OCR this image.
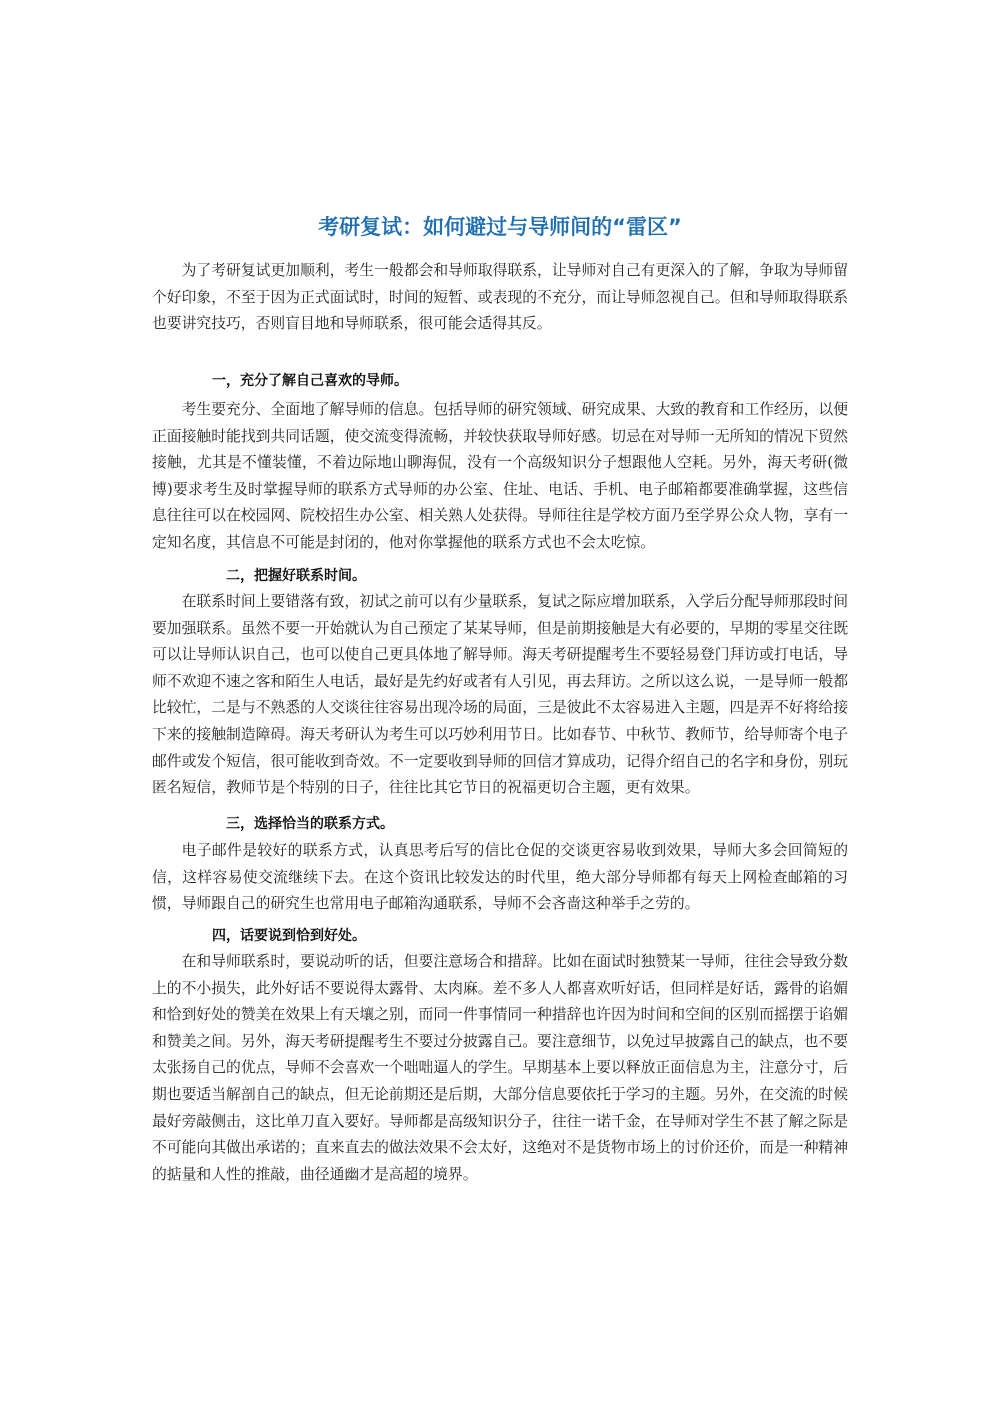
考研复试：如何避过与导师间的“雷区”

为了考研复试更加顺利，考生一般都会和导师取得联系，让导师对自己有更深入的了解，争取为导师留个好印象，不至于因为正式面试时，时间的短暂、或表现的不充分，而让导师忽视自己。但和导师取得联系也要讲究技巧，否则盲目地和导师联系，很可能会适得其反。

一，充分了解自己喜欢的导师。

考生要充分、全面地了解导师的信息。包括导师的研究领域、研究成果、大致的教育和工作经历，以便正面接触时能找到共同话题，使交流变得流畅，并较快获取导师好感。切忌在对导师一无所知的情况下贸然接触，尤其是不懂装懂，不着边际地山聊海侃，没有一个高级知识分子想跟他人空耗。另外，海天考研(微博)要求考生及时掌握导师的联系方式导师的办公室、住址、电话、手机、电子邮箱都要准确掌握，这些信息往往可以在校园网、院校招生办公室、相关熟人处获得。导师往往是学校方面乃至学界公众人物，享有一定知名度，其信息不可能是封闭的，他对你掌握他的联系方式也不会太吃惊。

二，把握好联系时间。

在联系时间上要错落有致，初试之前可以有少量联系，复试之际应增加联系，入学后分配导师那段时间要加强联系。虽然不要一开始就认为自己预定了某某导师，但是前期接触是大有必要的，早期的零星交往既可以让导师认识自己，也可以使自己更具体地了解导师。海天考研提醒考生不要轻易登门拜访或打电话，导师不欢迎不速之客和陌生人电话，最好是先约好或者有人引见，再去拜访。之所以这么说，一是导师一般都比较忙，二是与不熟悉的人交谈往往容易出现冷场的局面，三是彼此不太容易进入主题，四是弄不好将给接下来的接触制造障碍。海天考研认为考生可以巧妙利用节日。比如春节、中秋节、教师节，给导师寄个电子邮件或发个短信，很可能收到奇效。不一定要收到导师的回信才算成功，记得介绍自己的名字和身份，别玩匿名短信，教师节是个特别的日子，往往比其它节日的祝福更切合主题，更有效果。

三，选择恰当的联系方式。

电子邮件是较好的联系方式，认真思考后写的信比仓促的交谈更容易收到效果，导师大多会回简短的信，这样容易使交流继续下去。在这个资讯比较发达的时代里，绝大部分导师都有每天上网检查邮箱的习惯，导师跟自己的研究生也常用电子邮箱沟通联系，导师不会吝啬这种举手之劳的。

四，话要说到恰到好处。

在和导师联系时，要说动听的话，但要注意场合和措辞。比如在面试时独赞某一导师，往往会导致分数上的不小损失，此外好话不要说得太露骨、太肉麻。差不多人人都喜欢听好话，但同样是好话，露骨的谄媚和恰到好处的赞美在效果上有天壤之别，而同一件事情同一种措辞也许因为时间和空间的区别而摇摆于谄媚和赞美之间。另外，海天考研提醒考生不要过分披露自己。要注意细节，以免过早披露自己的缺点，也不要太张扬自己的优点，导师不会喜欢一个咄咄逼人的学生。早期基本上要以释放正面信息为主，注意分寸，后期也要适当解剖自己的缺点，但无论前期还是后期，大部分信息要依托于学习的主题。另外，在交流的时候最好旁敲侧击，这比单刀直入要好。导师都是高级知识分子，往往一诺千金，在导师对学生不甚了解之际是不可能向其做出承诺的；直来直去的做法效果不会太好，这绝对不是货物市场上的讨价还价，而是一种精神的掂量和人性的推敲，曲径通幽才是高超的境界。
